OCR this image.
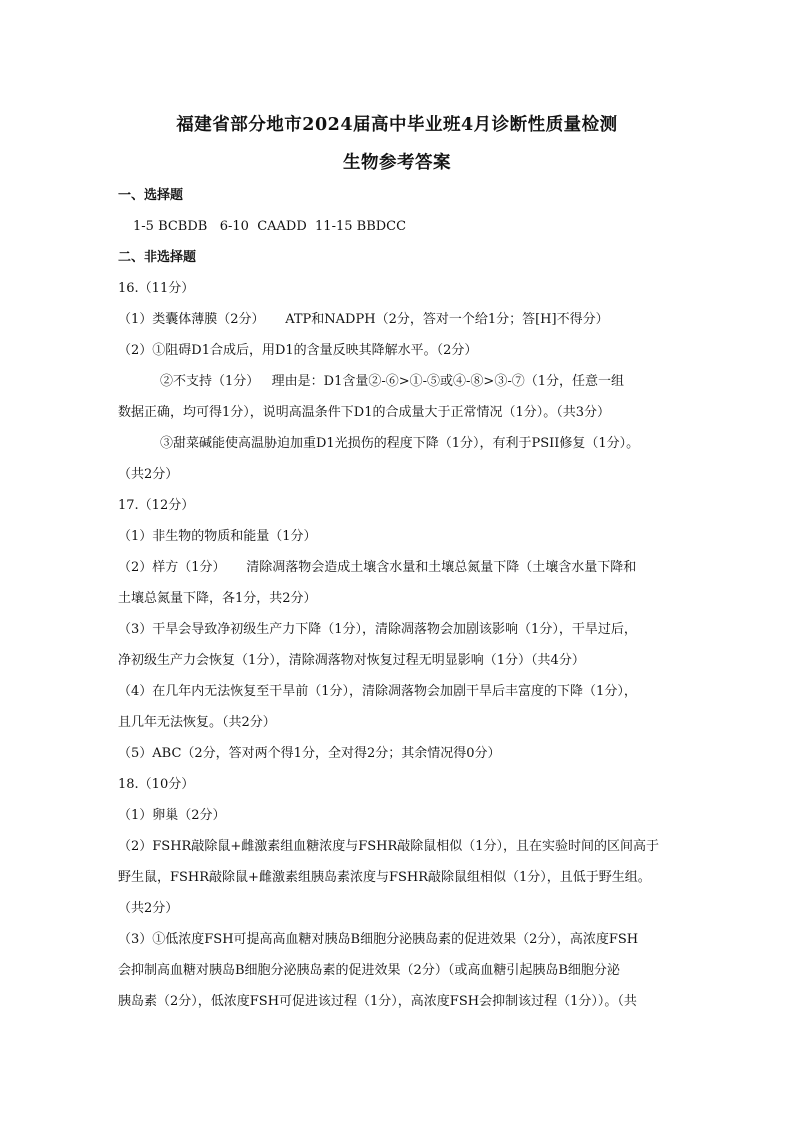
福建省部分地市2024届高中毕业班4月诊断性质量检测
生物参考答案
一、选择题
1-5 BCBDB   6-10  CAADD  11-15 BBDCC
二、非选择题
16.（11分）
（1）类囊体薄膜（2分）     ATP和NADPH（2分，答对一个给1分；答[H]不得分）
（2）①阻碍D1合成后，用D1的含量反映其降解水平。（2分）
②不支持（1分）   理由是：D1含量②-⑥>①-⑤或④-⑧>③-⑦（1分，任意一组
数据正确，均可得1分），说明高温条件下D1的合成量大于正常情况（1分）。（共3分）
③甜菜碱能使高温胁迫加重D1光损伤的程度下降（1分），有利于PSII修复（1分）。
（共2分）
17.（12分）
（1）非生物的物质和能量（1分）
（2）样方（1分）     清除凋落物会造成土壤含水量和土壤总氮量下降（土壤含水量下降和
土壤总氮量下降，各1分，共2分）
（3）干旱会导致净初级生产力下降（1分），清除凋落物会加剧该影响（1分），干旱过后，
净初级生产力会恢复（1分），清除凋落物对恢复过程无明显影响（1分）（共4分）
（4）在几年内无法恢复至干旱前（1分），清除凋落物会加剧干旱后丰富度的下降（1分），
且几年无法恢复。（共2分）
（5）ABC（2分，答对两个得1分，全对得2分；其余情况得0分）
18.（10分）
（1）卵巢（2分）
（2）FSHR敲除鼠+雌激素组血糖浓度与FSHR敲除鼠相似（1分），且在实验时间的区间高于
野生鼠，FSHR敲除鼠+雌激素组胰岛素浓度与FSHR敲除鼠组相似（1分），且低于野生组。
（共2分）
（3）①低浓度FSH可提高高血糖对胰岛B细胞分泌胰岛素的促进效果（2分），高浓度FSH
会抑制高血糖对胰岛B细胞分泌胰岛素的促进效果（2分）（或高血糖引起胰岛B细胞分泌
胰岛素（2分），低浓度FSH可促进该过程（1分），高浓度FSH会抑制该过程（1分））。（共
